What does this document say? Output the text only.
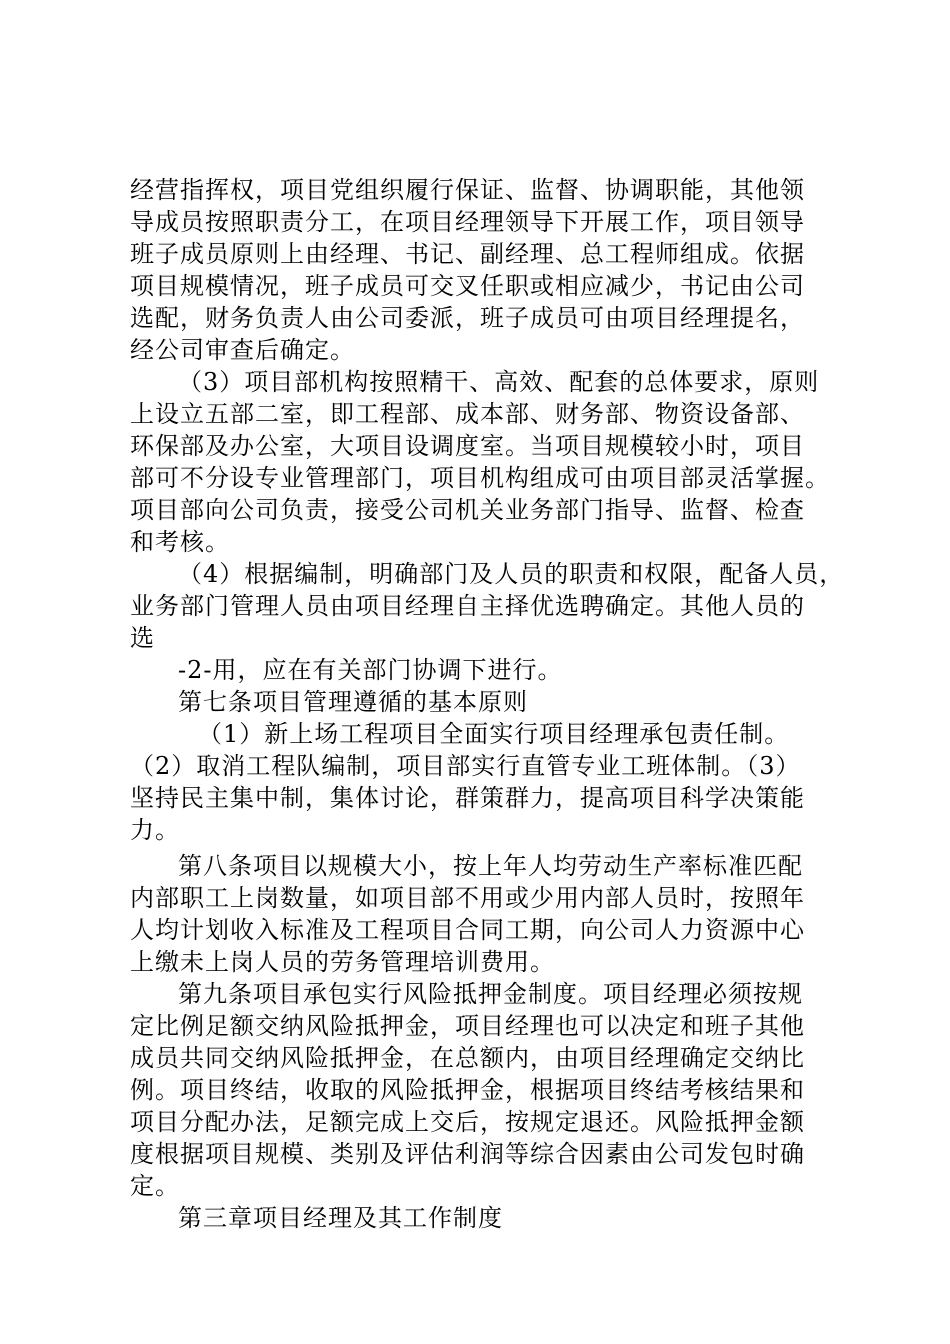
经营指挥权，项目党组织履行保证、监督、协调职能，其他领
导成员按照职责分工，在项目经理领导下开展工作，项目领导
班子成员原则上由经理、书记、副经理、总工程师组成。依据
项目规模情况，班子成员可交叉任职或相应减少，书记由公司
选配，财务负责人由公司委派，班子成员可由项目经理提名，
经公司审查后确定。
（3）项目部机构按照精干、高效、配套的总体要求，原则
上设立五部二室，即工程部、成本部、财务部、物资设备部、
环保部及办公室，大项目设调度室。当项目规模较小时，项目
部可不分设专业管理部门，项目机构组成可由项目部灵活掌握。
项目部向公司负责，接受公司机关业务部门指导、监督、检查
和考核。
（4）根据编制，明确部门及人员的职责和权限，配备人员，
业务部门管理人员由项目经理自主择优选聘确定。其他人员的
选
-2-用，应在有关部门协调下进行。
第七条项目管理遵循的基本原则
（1）新上场工程项目全面实行项目经理承包责任制。
（2）取消工程队编制，项目部实行直管专业工班体制。（3）
坚持民主集中制，集体讨论，群策群力，提高项目科学决策能
力。
第八条项目以规模大小，按上年人均劳动生产率标准匹配
内部职工上岗数量，如项目部不用或少用内部人员时，按照年
人均计划收入标准及工程项目合同工期，向公司人力资源中心
上缴未上岗人员的劳务管理培训费用。
第九条项目承包实行风险抵押金制度。项目经理必须按规
定比例足额交纳风险抵押金，项目经理也可以决定和班子其他
成员共同交纳风险抵押金，在总额内，由项目经理确定交纳比
例。项目终结，收取的风险抵押金，根据项目终结考核结果和
项目分配办法，足额完成上交后，按规定退还。风险抵押金额
度根据项目规模、类别及评估利润等综合因素由公司发包时确
定。
第三章项目经理及其工作制度
